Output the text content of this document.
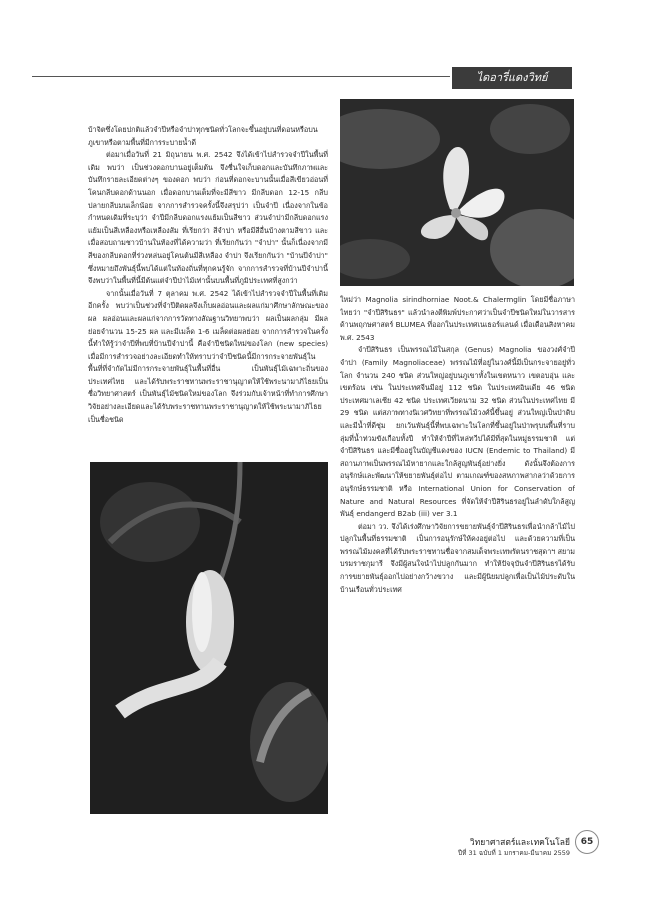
ไดอารี่แดงวิทย์

บ้าจิตซึ่งโดยปกติแล้วจำปีหรือจำปาทุกชนิดทั่วโลกจะขึ้นอยู่บนที่ดอนหรือบนภูเขาหรือตามพื้นที่มีการระบายน้ำดี

ต่อมาเมื่อวันที่ 21 มิถุนายน พ.ศ. 2542 จึงได้เข้าไปสำรวจจำปีในพื้นที่เดิม พบว่า เป็นช่วงดอกบานอยู่เต็มต้น จึงชื่นใจเก็บดอกและบันทึกภาพและบันทึกรายละเอียดต่างๆ ของดอก พบว่า ก่อนที่ดอกจะบานนั้นเมื่อสีเขียวอ่อนที่โคนกลีบดอกด้านนอก เมื่อดอกบานเต็มที่จะมีสีขาว มีกลีบดอก 12-15 กลีบ ปลายกลีบมนเล็กน้อย จากการสำรวจครั้งนี้จึงสรุปว่า เป็นจำปี เนื่องจากในข้อกำหนดเดิมที่ระบุว่า จำปีมีกลีบดอกแรงแย้มเป็นสีขาว ส่วนจำปามีกลีบดอกแรงแย้มเป็นสีเหลืองหรือเหลืองส้ม ที่เรียกว่า สีจำปา หรือมีสีอื่นบ้างตามสีขาว และเมื่อสอบถามชาวบ้านในท้องที่ได้ความว่า ที่เรียกกันว่า "จำปา" นั้นก็เนื่องจากมีสีของกลีบดอกที่ร่วงหล่นอยู่โคนต้นมีสีเหลือง จำปา จึงเรียกกันว่า "บ้านปีจำปา" ซึ่งหมายถึงพันธุ์นี้พบได้แต่ในท้องถิ่นที่ทุกคนรู้จัก จากการสำรวจที่บ้านปีจำปานี้จึงพบว่าในพื้นที่นี้มีต้นแต่จำปีป่าไม้เท่านั้นบนพื้นที่ภูมิประเทศที่สูงกว่า

จากนั้นเมื่อวันที่ 7 ตุลาคม พ.ศ. 2542 ได้เข้าไปสำรวจจำปีในพื้นที่เดิมอีกครั้ง พบว่าเป็นช่วงที่จำปีติดผลจึงเก็บผลอ่อนและผลแก่มาศึกษาลักษณะของผล ผลอ่อนและผลแก่จากการวัดทางสัณฐานวิทยาพบว่า ผลเป็นผลกลุ่ม มีผลย่อยจำนวน 15-25 ผล และมีเมล็ด 1-6 เมล็ดต่อผลย่อย จากการสำรวจในครั้งนี้ทำให้รู้ว่าจำปีที่พบที่บ้านปีจำปานี้ คือจำปีชนิดใหม่ของโลก (new species) เมื่อมีการสำรวจอย่างละเอียดทำให้ทราบว่าจำปีชนิดนี้มีการกระจายพันธุ์ในพื้นที่ที่จำกัดไม่มีการกระจายพันธุ์ในพื้นที่อื่น เป็นพันธุ์ไม้เฉพาะถิ่นของประเทศไทย และได้รับพระราชทานพระราชานุญาตให้ใช้พระนามาภิไธยเป็นชื่อวิทยาศาสตร์ เป็นพันธุ์ไม้ชนิดใหม่ของโลก จึงร่วมกับเจ้าหน้าที่ทำการศึกษาวิจัยอย่างละเอียดและได้รับพระราชทานพระราชานุญาตให้ใช้พระนามาภิไธยเป็นชื่อชนิด

ใหม่ว่า Magnolia sirindhorniae Noot.& Chalermglin โดยมีชื่อภาษาไทยว่า "จำปีสิรินธร" แล้วนำลงตีพิมพ์ประกาศว่าเป็นจำปีชนิดใหม่ในวารสารด้านพฤกษศาสตร์ BLUMEA ที่ออกในประเทศเนเธอร์แลนด์ เมื่อเดือนสิงหาคม พ.ศ. 2543

จำปีสิรินธร เป็นพรรณไม้ในสกุล (Genus) Magnolia ของวงศ์จำปีจำปา (Family Magnoliaceae) พรรณไม้ที่อยู่ในวงศ์นี้มีเป็นกระจายอยู่ทั่วโลก จำนวน 240 ชนิด ส่วนใหญ่อยู่บนภูเขาทั้งในเขตหนาว เขตอบอุ่น และเขตร้อน เช่น ในประเทศจีนมีอยู่ 112 ชนิด ในประเทศอินเดีย 46 ชนิด ประเทศมาเลเซีย 42 ชนิด ประเทศเวียดนาม 32 ชนิด ส่วนในประเทศไทย มี 29 ชนิด แต่สภาพทางนิเวศวิทยาที่พรรณไม้วงศ์นี้ขึ้นอยู่ ส่วนใหญ่เป็นป่าดิบและมีน้ำที่ดีชุ่ม ยกเว้นพันธุ์นี้ที่พบเฉพาะในโลกที่ขึ้นอยู่ในป่าพรุบนพื้นที่ราบลุ่มที่น้ำท่วมขังเกือบทั้งปี ทำให้จำปีที่ไหล่ทวีปได้มีที่สุดในหมู่ธรรมชาติ แต่จำปีสิรินธร และมีชื่ออยู่ในบัญชีแดงของ IUCN (Endemic to Thailand) มีสถานภาพเป็นพรรณไม้หายากและใกล้สูญพันธุ์อย่างยิ่ง ดังนั้นจึงต้องการอนุรักษ์และพัฒนาให้ขยายพันธุ์ต่อไป ตามเกณฑ์ของสหภาพสากลว่าด้วยการอนุรักษ์ธรรมชาติ หรือ International Union for Conservation of Nature and Natural Resources ที่จัดให้จำปีสิรินธรอยู่ในลำดับใกล้สูญพันธุ์ endangerd B2ab (iii) ver 3.1

ต่อมา วว. จึงได้เร่งศึกษาวิจัยการขยายพันธุ์จำปีสิรินธรเพื่อนำกล้าไม้ไปปลูกในพื้นที่ธรรมชาติ เป็นการอนุรักษ์ให้คงอยู่ต่อไป และด้วยความที่เป็นพรรณไม้มงคลที่ได้รับพระราชทานชื่อจากสมเด็จพระเทพรัตนราชสุดาฯ สยามบรมราชกุมารี จึงมีผู้สนใจนำไปปลูกกันมาก ทำให้ปัจจุบันจำปีสิรินธรได้รับการขยายพันธุ์ออกไปอย่างกว้างขวาง และมีผู้นิยมปลูกเพื่อเป็นไม้ประดับในบ้านเรือนทั่วประเทศ

วิทยาศาสตร์และเทคโนโลยี
ปีที่ 31 ฉบับที่ 1 มกราคม-มีนาคม 2559
65
